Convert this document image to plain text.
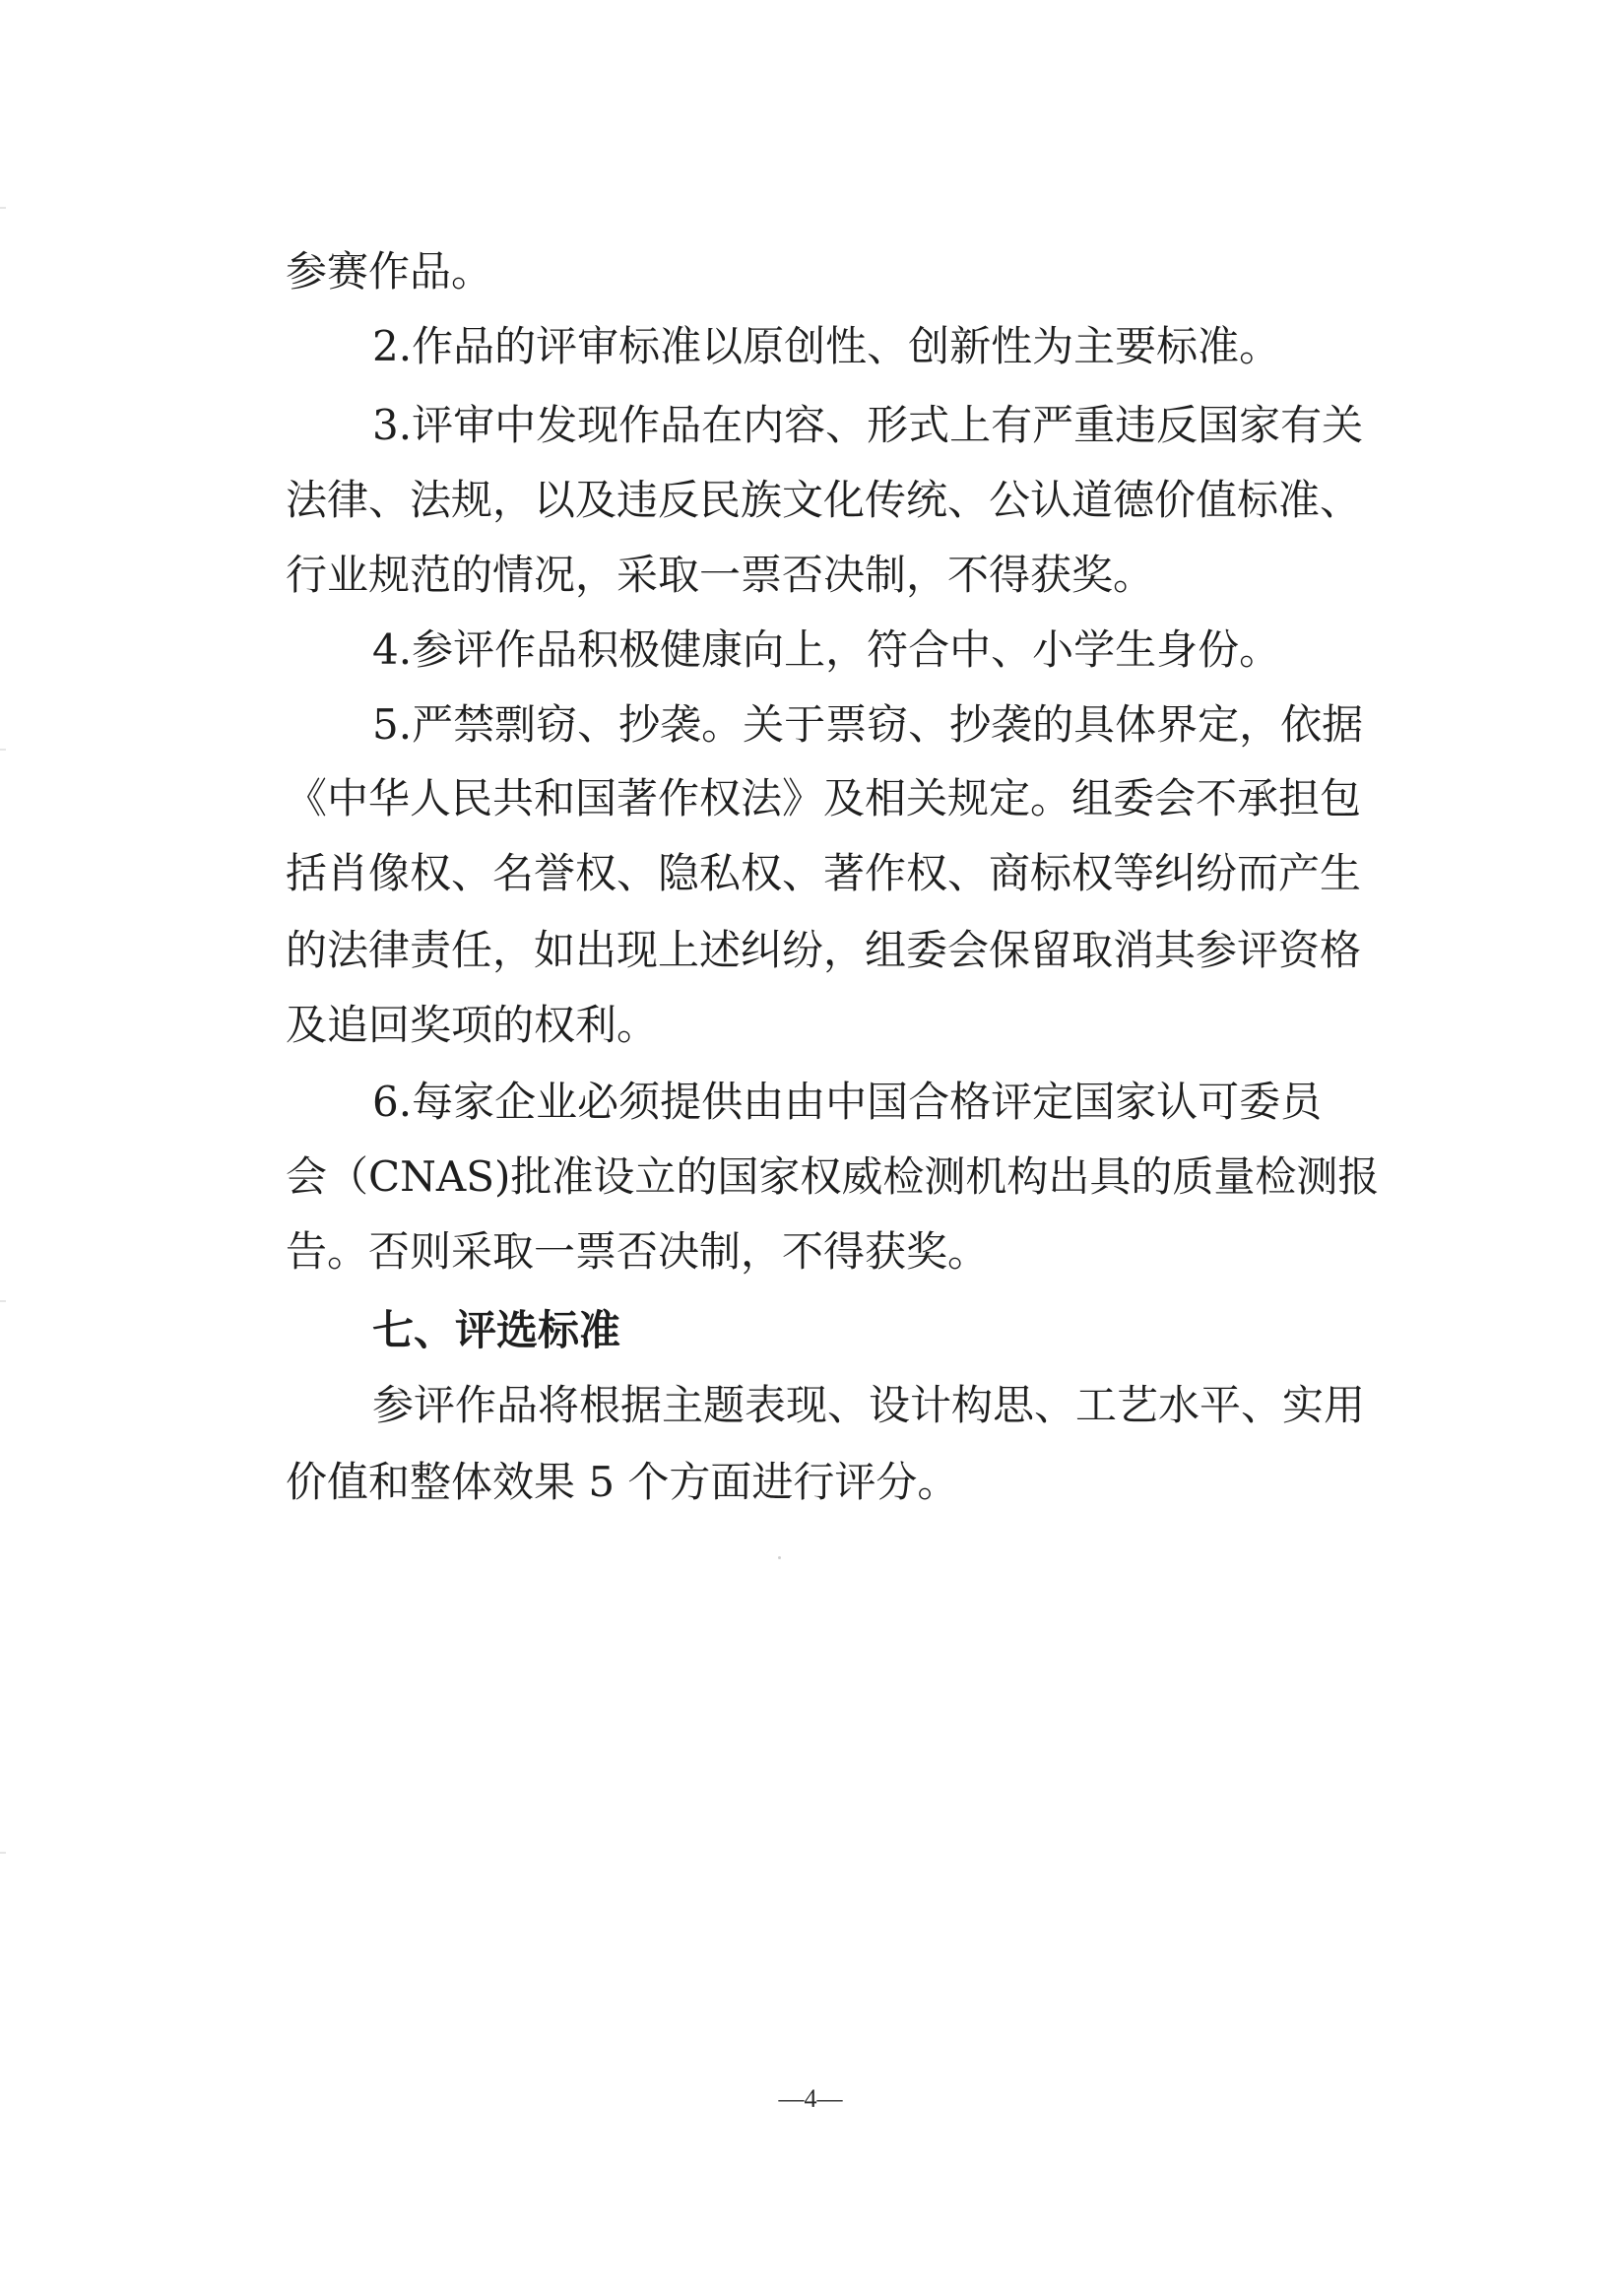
参赛作品。
2.作品的评审标准以原创性、创新性为主要标准。
3.评审中发现作品在内容、形式上有严重违反国家有关
法律、法规，以及违反民族文化传统、公认道德价值标准、
行业规范的情况，采取一票否决制，不得获奖。
4.参评作品积极健康向上，符合中、小学生身份。
5.严禁剽窃、抄袭。关于票窃、抄袭的具体界定，依据
《中华人民共和国著作权法》及相关规定。组委会不承担包
括肖像权、名誉权、隐私权、著作权、商标权等纠纷而产生
的法律责任，如出现上述纠纷，组委会保留取消其参评资格
及追回奖项的权利。
6.每家企业必须提供由由中国合格评定国家认可委员
会（CNAS)批准设立的国家权威检测机构出具的质量检测报
告。否则采取一票否决制，不得获奖。
七、评选标准
参评作品将根据主题表现、设计构思、工艺水平、实用
价值和整体效果 5 个方面进行评分。
—4—
